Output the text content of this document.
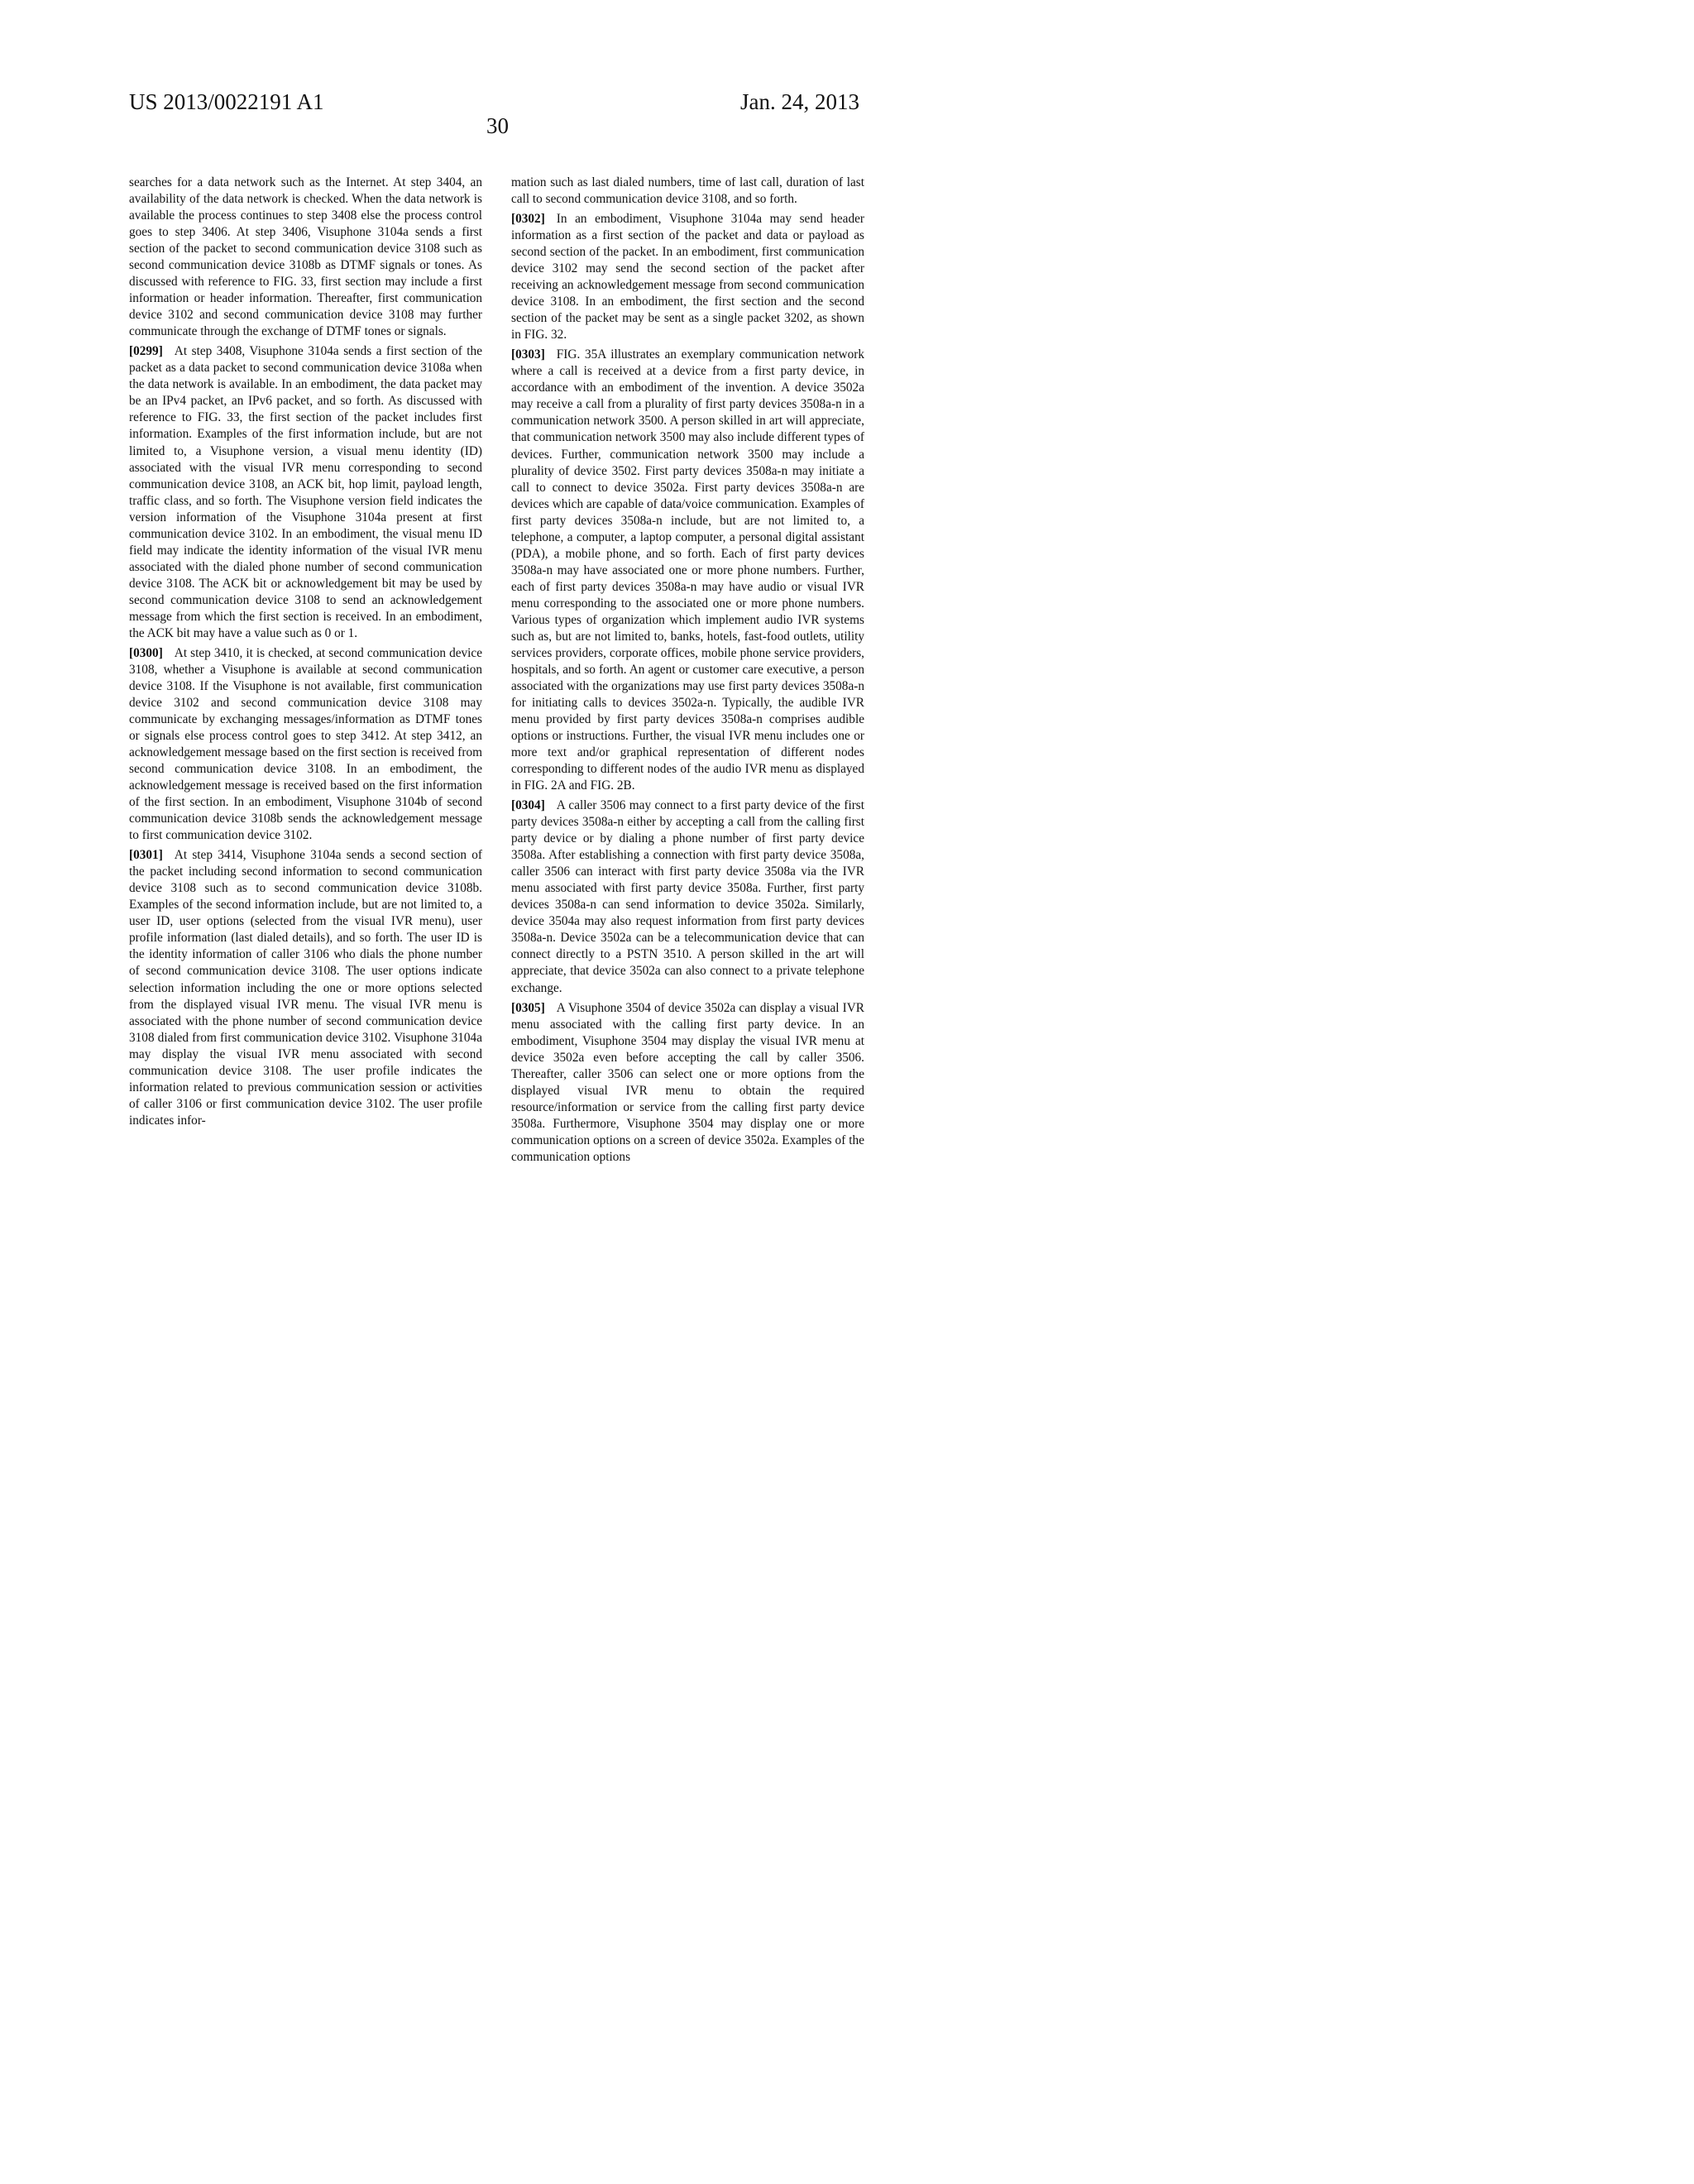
US 2013/0022191 A1
30
Jan. 24, 2013

searches for a data network such as the Internet. At step 3404, an availability of the data network is checked. When the data network is available the process continues to step 3408 else the process control goes to step 3406. At step 3406, Visuphone 3104a sends a first section of the packet to second communication device 3108 such as second communication device 3108b as DTMF signals or tones. As discussed with reference to FIG. 33, first section may include a first information or header information. Thereafter, first communication device 3102 and second communication device 3108 may further communicate through the exchange of DTMF tones or signals.

[0299] At step 3408, Visuphone 3104a sends a first section of the packet as a data packet to second communication device 3108a when the data network is available. In an embodiment, the data packet may be an IPv4 packet, an IPv6 packet, and so forth. As discussed with reference to FIG. 33, the first section of the packet includes first information. Examples of the first information include, but are not limited to, a Visuphone version, a visual menu identity (ID) associated with the visual IVR menu corresponding to second communication device 3108, an ACK bit, hop limit, payload length, traffic class, and so forth. The Visuphone version field indicates the version information of the Visuphone 3104a present at first communication device 3102. In an embodiment, the visual menu ID field may indicate the identity information of the visual IVR menu associated with the dialed phone number of second communication device 3108. The ACK bit or acknowledgement bit may be used by second communication device 3108 to send an acknowledgement message from which the first section is received. In an embodiment, the ACK bit may have a value such as 0 or 1.

[0300] At step 3410, it is checked, at second communication device 3108, whether a Visuphone is available at second communication device 3108. If the Visuphone is not available, first communication device 3102 and second communication device 3108 may communicate by exchanging messages/information as DTMF tones or signals else process control goes to step 3412. At step 3412, an acknowledgement message based on the first section is received from second communication device 3108. In an embodiment, the acknowledgement message is received based on the first information of the first section. In an embodiment, Visuphone 3104b of second communication device 3108b sends the acknowledgement message to first communication device 3102.

[0301] At step 3414, Visuphone 3104a sends a second section of the packet including second information to second communication device 3108 such as to second communication device 3108b. Examples of the second information include, but are not limited to, a user ID, user options (selected from the visual IVR menu), user profile information (last dialed details), and so forth. The user ID is the identity information of caller 3106 who dials the phone number of second communication device 3108. The user options indicate selection information including the one or more options selected from the displayed visual IVR menu. The visual IVR menu is associated with the phone number of second communication device 3108 dialed from first communication device 3102. Visuphone 3104a may display the visual IVR menu associated with second communication device 3108. The user profile indicates the information related to previous communication session or activities of caller 3106 or first communication device 3102. The user profile indicates infor-

mation such as last dialed numbers, time of last call, duration of last call to second communication device 3108, and so forth.

[0302] In an embodiment, Visuphone 3104a may send header information as a first section of the packet and data or payload as second section of the packet. In an embodiment, first communication device 3102 may send the second section of the packet after receiving an acknowledgement message from second communication device 3108. In an embodiment, the first section and the second section of the packet may be sent as a single packet 3202, as shown in FIG. 32.

[0303] FIG. 35A illustrates an exemplary communication network where a call is received at a device from a first party device, in accordance with an embodiment of the invention. A device 3502a may receive a call from a plurality of first party devices 3508a-n in a communication network 3500. A person skilled in art will appreciate, that communication network 3500 may also include different types of devices. Further, communication network 3500 may include a plurality of device 3502. First party devices 3508a-n may initiate a call to connect to device 3502a. First party devices 3508a-n are devices which are capable of data/voice communication. Examples of first party devices 3508a-n include, but are not limited to, a telephone, a computer, a laptop computer, a personal digital assistant (PDA), a mobile phone, and so forth. Each of first party devices 3508a-n may have associated one or more phone numbers. Further, each of first party devices 3508a-n may have audio or visual IVR menu corresponding to the associated one or more phone numbers. Various types of organization which implement audio IVR systems such as, but are not limited to, banks, hotels, fast-food outlets, utility services providers, corporate offices, mobile phone service providers, hospitals, and so forth. An agent or customer care executive, a person associated with the organizations may use first party devices 3508a-n for initiating calls to devices 3502a-n. Typically, the audible IVR menu provided by first party devices 3508a-n comprises audible options or instructions. Further, the visual IVR menu includes one or more text and/or graphical representation of different nodes corresponding to different nodes of the audio IVR menu as displayed in FIG. 2A and FIG. 2B.

[0304] A caller 3506 may connect to a first party device of the first party devices 3508a-n either by accepting a call from the calling first party device or by dialing a phone number of first party device 3508a. After establishing a connection with first party device 3508a, caller 3506 can interact with first party device 3508a via the IVR menu associated with first party device 3508a. Further, first party devices 3508a-n can send information to device 3502a. Similarly, device 3504a may also request information from first party devices 3508a-n. Device 3502a can be a telecommunication device that can connect directly to a PSTN 3510. A person skilled in the art will appreciate, that device 3502a can also connect to a private telephone exchange.

[0305] A Visuphone 3504 of device 3502a can display a visual IVR menu associated with the calling first party device. In an embodiment, Visuphone 3504 may display the visual IVR menu at device 3502a even before accepting the call by caller 3506. Thereafter, caller 3506 can select one or more options from the displayed visual IVR menu to obtain the required resource/information or service from the calling first party device 3508a. Furthermore, Visuphone 3504 may display one or more communication options on a screen of device 3502a. Examples of the communication options
